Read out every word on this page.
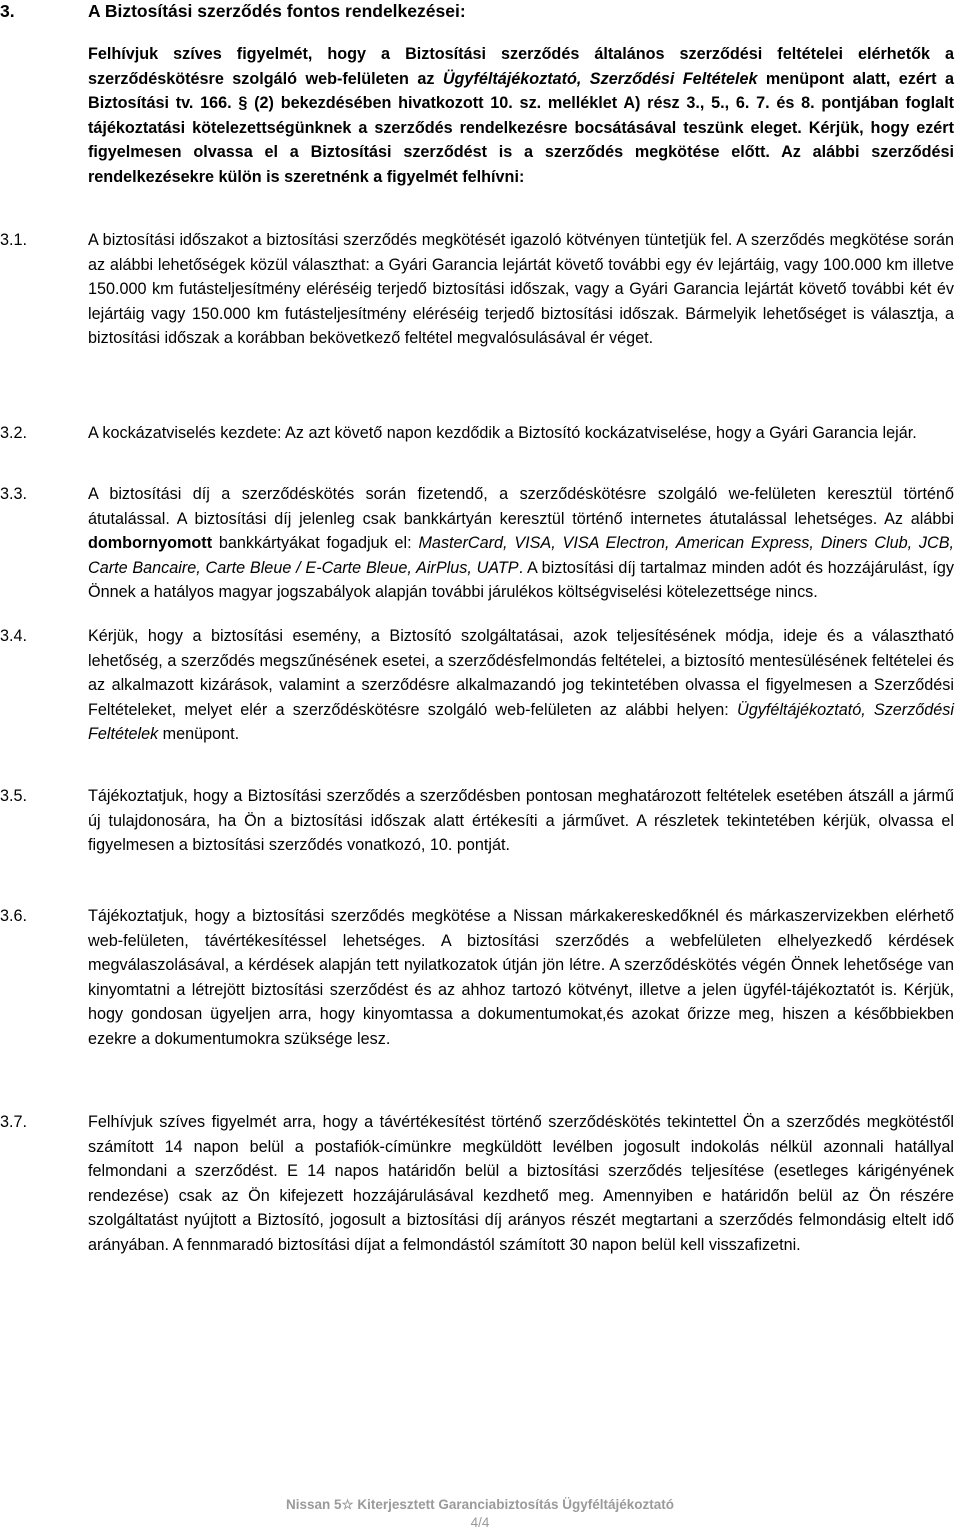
3.	A Biztosítási szerződés fontos rendelkezései:
Felhívjuk szíves figyelmét, hogy a Biztosítási szerződés általános szerződési feltételei elérhetők a szerződéskötésre szolgáló web-felületen az Ügyféltájékoztató, Szerződési Feltételek menüpont alatt, ezért a Biztosítási tv. 166. § (2) bekezdésében hivatkozott 10. sz. melléklet A) rész 3., 5., 6. 7. és 8. pontjában foglalt tájékoztatási kötelezettségünknek a szerződés rendelkezésre bocsátásával teszünk eleget. Kérjük, hogy ezért figyelmesen olvassa el a Biztosítási szerződést is a szerződés megkötése előtt. Az alábbi szerződési rendelkezésekre külön is szeretnénk a figyelmét felhívni:
3.1.	A biztosítási időszakot a biztosítási szerződés megkötését igazoló kötvényen tüntetjük fel. A szerződés megkötése során az alábbi lehetőségek közül választhat: a Gyári Garancia lejártát követő további egy év lejártáig, vagy 100.000 km illetve 150.000 km futásteljesítmény eléréséig terjedő biztosítási időszak, vagy a Gyári Garancia lejártát követő további két év lejártáig vagy 150.000 km futásteljesítmény eléréséig terjedő biztosítási időszak. Bármelyik lehetőséget is választja, a biztosítási időszak a korábban bekövetkező feltétel megvalósulásával ér véget.
3.2.	A kockázatviselés kezdete: Az azt követő napon kezdődik a Biztosító kockázatviselése, hogy a Gyári Garancia lejár.
3.3.	A biztosítási díj a szerződéskötés során fizetendő, a szerződéskötésre szolgáló we-felületen keresztül történő átutalással. A biztosítási díj jelenleg csak bankkártyán keresztül történő internetes átutalással lehetséges. Az alábbi dombornyomott bankkártyákat fogadjuk el: MasterCard, VISA, VISA Electron, American Express, Diners Club, JCB, Carte Bancaire, Carte Bleue / E-Carte Bleue, AirPlus, UATP. A biztosítási díj tartalmaz minden adót és hozzájárulást, így Önnek a hatályos magyar jogszabályok alapján további járulékos költségviselési kötelezettsége nincs.
3.4.	Kérjük, hogy a biztosítási esemény, a Biztosító szolgáltatásai, azok teljesítésének módja, ideje és a választható lehetőség, a szerződés megszűnésének esetei, a szerződésfelmondás feltételei, a biztosító mentesülésének feltételei és az alkalmazott kizárások, valamint a szerződésre alkalmazandó jog tekintetében olvassa el figyelmesen a Szerződési Feltételeket, melyet elér a szerződéskötésre szolgáló web-felületen az alábbi helyen: Ügyféltájékoztató, Szerződési Feltételek menüpont.
3.5.	Tájékoztatjuk, hogy a Biztosítási szerződés a szerződésben pontosan meghatározott feltételek esetében átszáll a jármű új tulajdonosára, ha Ön a biztosítási időszak alatt értékesíti a járművet. A részletek tekintetében kérjük, olvassa el figyelmesen a biztosítási szerződés vonatkozó, 10. pontját.
3.6.	Tájékoztatjuk, hogy a biztosítási szerződés megkötése a Nissan márkakereskedőknél és márkaszervizekben elérhető web-felületen, távértékesítéssel lehetséges. A biztosítási szerződés a webfelületen elhelyezkedő kérdések megválaszolásával, a kérdések alapján tett nyilatkozatok útján jön létre. A szerződéskötés végén Önnek lehetősége van kinyomtatni a létrejött biztosítási szerződést és az ahhoz tartozó kötvényt, illetve a jelen ügyfél-tájékoztatót is. Kérjük, hogy gondosan ügyeljen arra, hogy kinyomtassa a dokumentumokat,és azokat őrizze meg, hiszen a későbbiekben ezekre a dokumentumokra szüksége lesz.
3.7.	Felhívjuk szíves figyelmét arra, hogy a távértékesítést történő szerződéskötés tekintettel Ön a szerződés megkötéstől számított 14 napon belül a postafiók-címünkre megküldött levélben jogosult indokolás nélkül azonnali hatállyal felmondani a szerződést. E 14 napos határidőn belül a biztosítási szerződés teljesítése (esetleges kárigényének rendezése) csak az Ön kifejezett hozzájárulásával kezdhető meg. Amennyiben e határidőn belül az Ön részére szolgáltatást nyújtott a Biztosító, jogosult a biztosítási díj arányos részét megtartani a szerződés felmondásig eltelt idő arányában. A fennmaradó biztosítási díjat a felmondástól számított 30 napon belül kell visszafizetni.
Nissan 5☆ Kiterjesztett Garanciabiztosítás Ügyféltájékoztató
4/4
